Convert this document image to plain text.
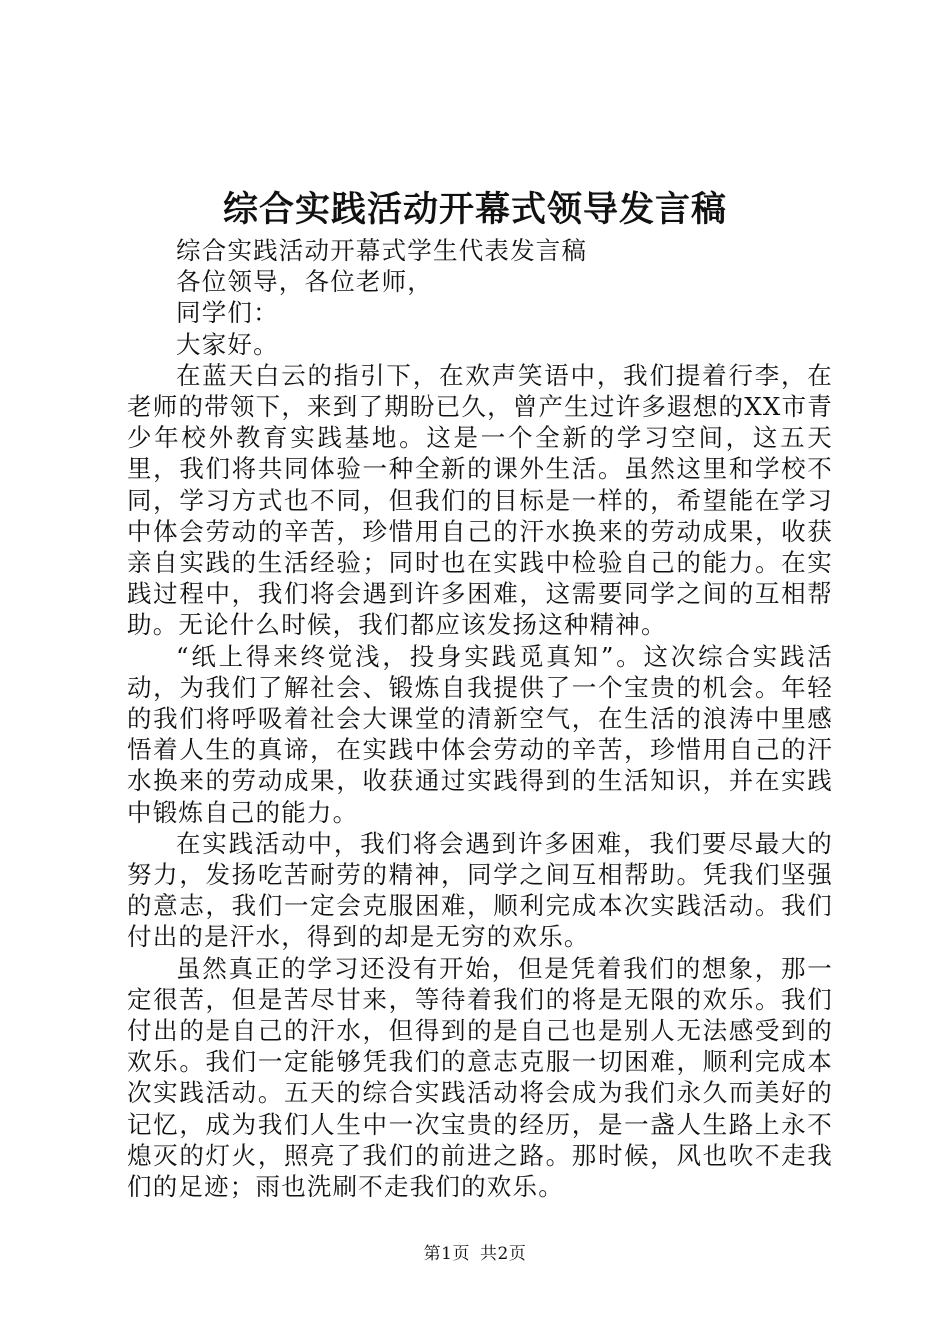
综合实践活动开幕式领导发言稿

综合实践活动开幕式学生代表发言稿

各位领导，各位老师，

同学们：

大家好。

在蓝天白云的指引下，在欢声笑语中，我们提着行李，在老师的带领下，来到了期盼已久，曾产生过许多遐想的XX市青少年校外教育实践基地。这是一个全新的学习空间，这五天里，我们将共同体验一种全新的课外生活。虽然这里和学校不同，学习方式也不同，但我们的目标是一样的，希望能在学习中体会劳动的辛苦，珍惜用自己的汗水换来的劳动成果，收获亲自实践的生活经验；同时也在实践中检验自己的能力。在实践过程中，我们将会遇到许多困难，这需要同学之间的互相帮助。无论什么时候，我们都应该发扬这种精神。

“纸上得来终觉浅，投身实践觅真知”。这次综合实践活动，为我们了解社会、锻炼自我提供了一个宝贵的机会。年轻的我们将呼吸着社会大课堂的清新空气，在生活的浪涛中里感悟着人生的真谛，在实践中体会劳动的辛苦，珍惜用自己的汗水换来的劳动成果，收获通过实践得到的生活知识，并在实践中锻炼自己的能力。

在实践活动中，我们将会遇到许多困难，我们要尽最大的努力，发扬吃苦耐劳的精神，同学之间互相帮助。凭我们坚强的意志，我们一定会克服困难，顺利完成本次实践活动。我们付出的是汗水，得到的却是无穷的欢乐。

虽然真正的学习还没有开始，但是凭着我们的想象，那一定很苦，但是苦尽甘来，等待着我们的将是无限的欢乐。我们付出的是自己的汗水，但得到的是自己也是别人无法感受到的欢乐。我们一定能够凭我们的意志克服一切困难，顺利完成本次实践活动。五天的综合实践活动将会成为我们永久而美好的记忆，成为我们人生中一次宝贵的经历，是一盏人生路上永不熄灭的灯火，照亮了我们的前进之路。那时候，风也吹不走我们的足迹；雨也洗刷不走我们的欢乐。

第1页 共2页
